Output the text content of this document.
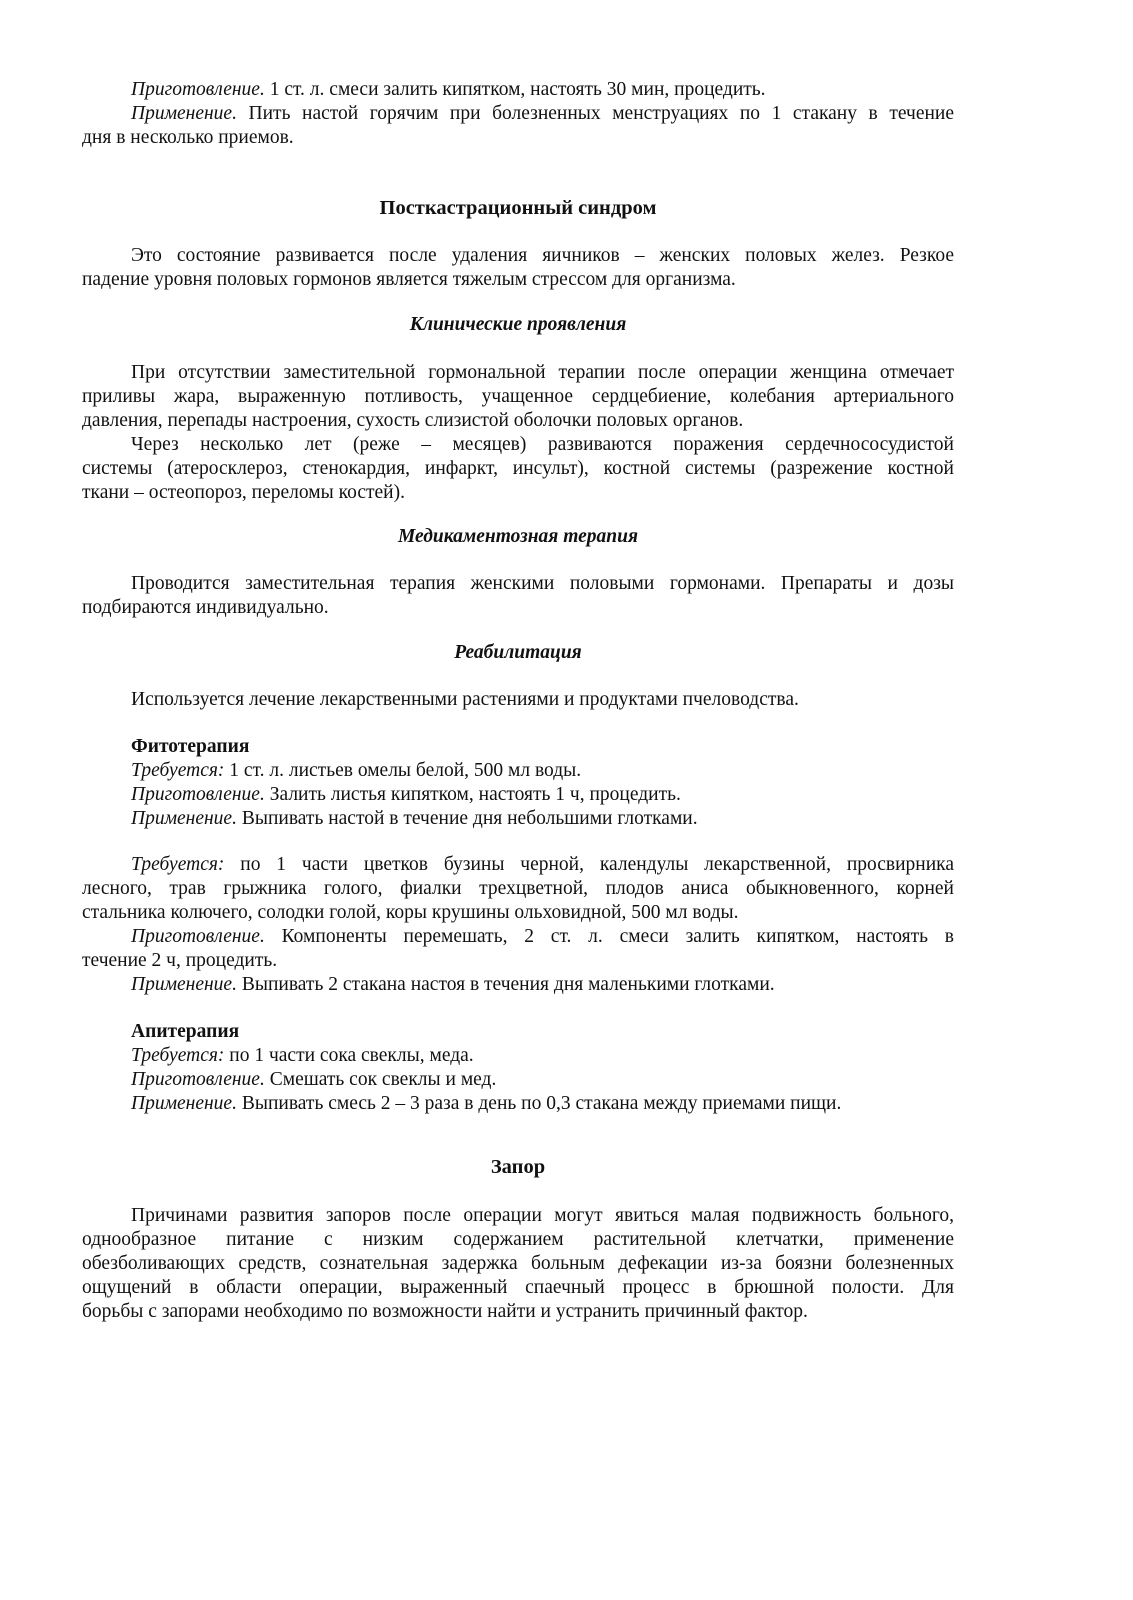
Приготовление. 1 ст. л. смеси залить кипятком, настоять 30 мин, процедить.
Применение. Пить настой горячим при болезненных менструациях по 1 стакану в течение
дня в несколько приемов.
Посткастрационный синдром
Это состояние развивается после удаления яичников – женских половых желез. Резкое
падение уровня половых гормонов является тяжелым стрессом для организма.
Клинические проявления
При отсутствии заместительной гормональной терапии после операции женщина отмечает
приливы жара, выраженную потливость, учащенное сердцебиение, колебания артериального
давления, перепады настроения, сухость слизистой оболочки половых органов.
Через несколько лет (реже – месяцев) развиваются поражения сердечнососудистой
системы (атеросклероз, стенокардия, инфаркт, инсульт), костной системы (разрежение костной
ткани – остеопороз, переломы костей).
Медикаментозная терапия
Проводится заместительная терапия женскими половыми гормонами. Препараты и дозы
подбираются индивидуально.
Реабилитация
Используется лечение лекарственными растениями и продуктами пчеловодства.
Фитотерапия
Требуется: 1 ст. л. листьев омелы белой, 500 мл воды.
Приготовление. Залить листья кипятком, настоять 1 ч, процедить.
Применение. Выпивать настой в течение дня небольшими глотками.
Требуется: по 1 части цветков бузины черной, календулы лекарственной, просвирника
лесного, трав грыжника голого, фиалки трехцветной, плодов аниса обыкновенного, корней
стальника колючего, солодки голой, коры крушины ольховидной, 500 мл воды.
Приготовление. Компоненты перемешать, 2 ст. л. смеси залить кипятком, настоять в
течение 2 ч, процедить.
Применение. Выпивать 2 стакана настоя в течения дня маленькими глотками.
Апитерапия
Требуется: по 1 части сока свеклы, меда.
Приготовление. Смешать сок свеклы и мед.
Применение. Выпивать смесь 2 – 3 раза в день по 0,3 стакана между приемами пищи.
Запор
Причинами развития запоров после операции могут явиться малая подвижность больного,
однообразное питание с низким содержанием растительной клетчатки, применение
обезболивающих средств, сознательная задержка больным дефекации из-за боязни болезненных
ощущений в области операции, выраженный спаечный процесс в брюшной полости. Для
борьбы с запорами необходимо по возможности найти и устранить причинный фактор.
